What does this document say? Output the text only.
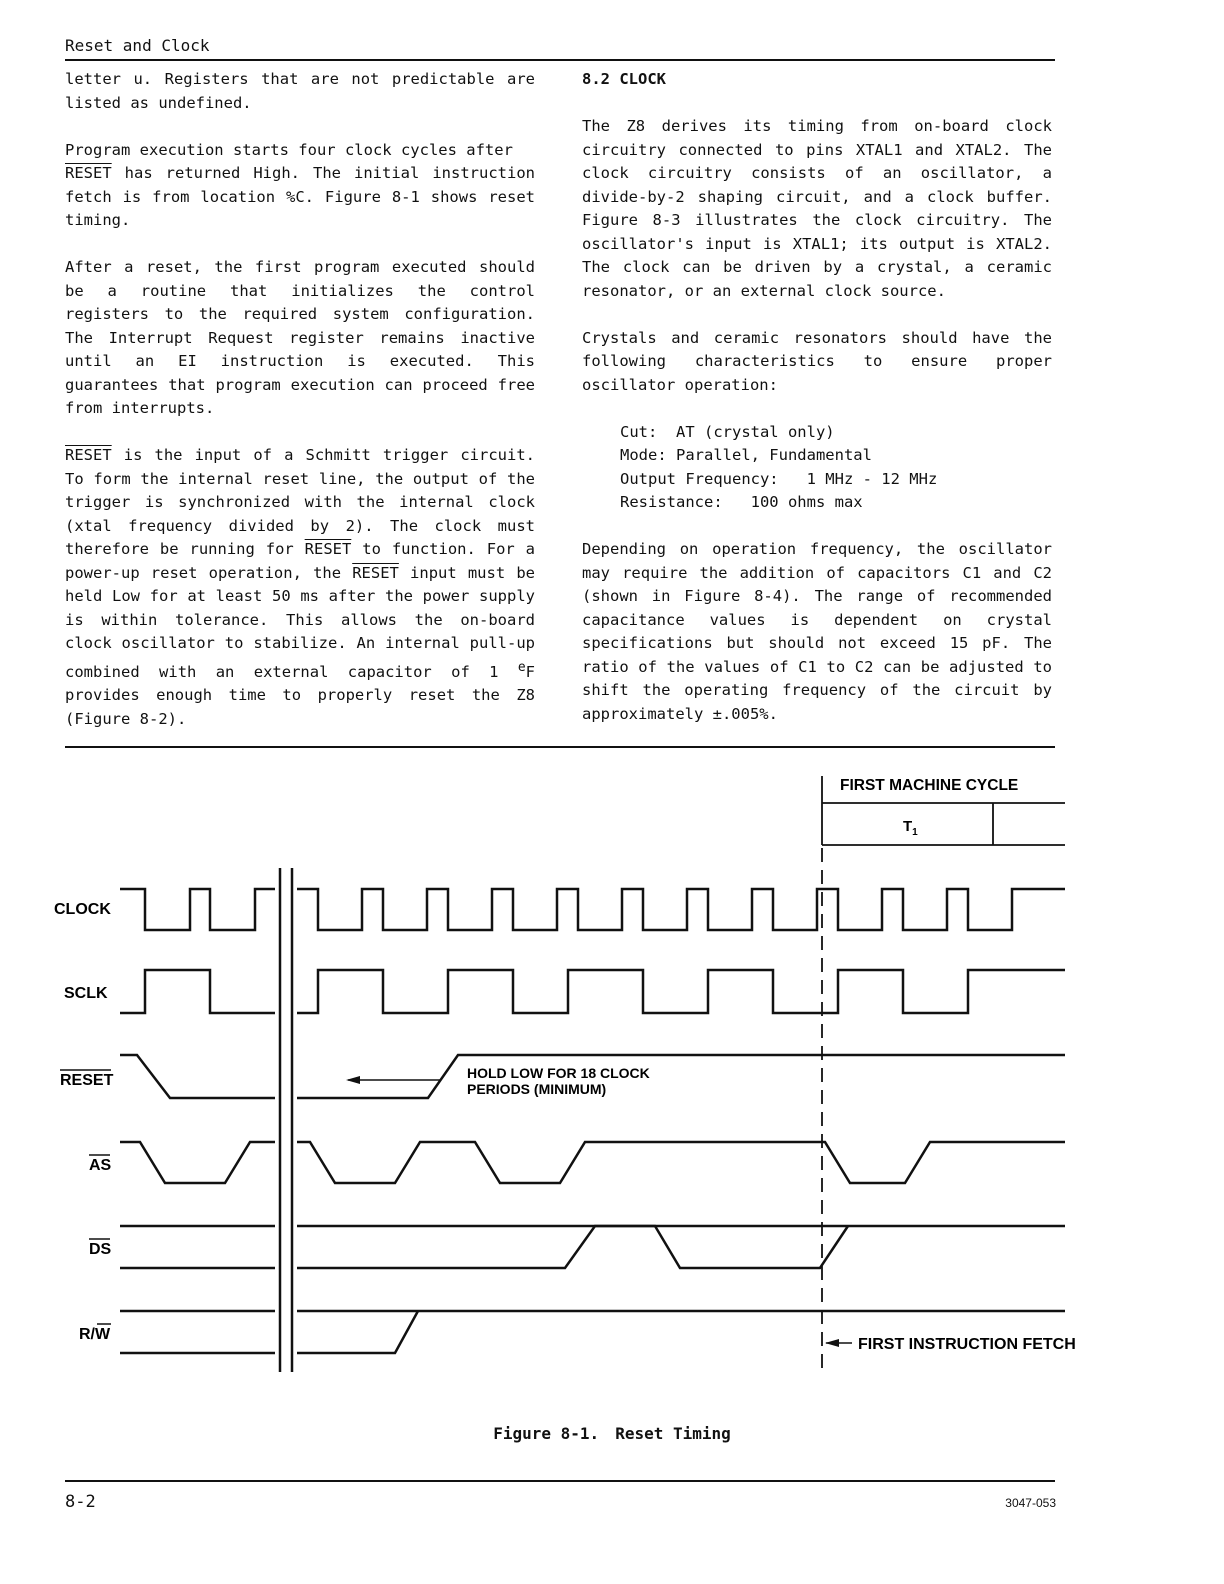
Reset and Clock

letter u. Registers that are not predictable are listed as undefined.

Program execution starts four clock cycles after
RESET has returned High. The initial instruction fetch is from location %C. Figure 8-1 shows reset timing.

After a reset, the first program executed should be a routine that initializes the control registers to the required system configuration. The Interrupt Request register remains inactive until an EI instruction is executed. This guarantees that program execution can proceed free from interrupts.

RESET is the input of a Schmitt trigger circuit. To form the internal reset line, the output of the trigger is synchronized with the internal clock (xtal frequency divided by 2). The clock must therefore be running for RESET to function. For a power-up reset operation, the RESET input must be held Low for at least 50 ms after the power supply is within tolerance. This allows the on-board clock oscillator to stabilize. An internal pull-up combined with an external capacitor of 1 $^e$F provides enough time to properly reset the Z8 (Figure 8-2).

8.2 CLOCK

The Z8 derives its timing from on-board clock circuitry connected to pins XTAL1 and XTAL2. The clock circuitry consists of an oscillator, a divide-by-2 shaping circuit, and a clock buffer. Figure 8-3 illustrates the clock circuitry. The oscillator's input is XTAL1; its output is XTAL2. The clock can be driven by a crystal, a ceramic resonator, or an external clock source.

Crystals and ceramic resonators should have the following characteristics to ensure proper oscillator operation:

Cut:  AT (crystal only)
Mode: Parallel, Fundamental
Output Frequency:   1 MHz - 12 MHz
Resistance:   100 ohms max

Depending on operation frequency, the oscillator may require the addition of capacitors C1 and C2 (shown in Figure 8-4). The range of recommended capacitance values is dependent on crystal specifications but should not exceed 15 pF. The ratio of the values of C1 to C2 can be adjusted to shift the operating frequency of the circuit by approximately ±.005%.

CLOCK
SCLK
RESET
AS
DS
R/W
FIRST MACHINE CYCLE
$T_1$
HOLD LOW FOR 18 CLOCK
PERIODS (MINIMUM)
FIRST INSTRUCTION FETCH
Figure 8-1. Reset Timing
8-2	3047-053
